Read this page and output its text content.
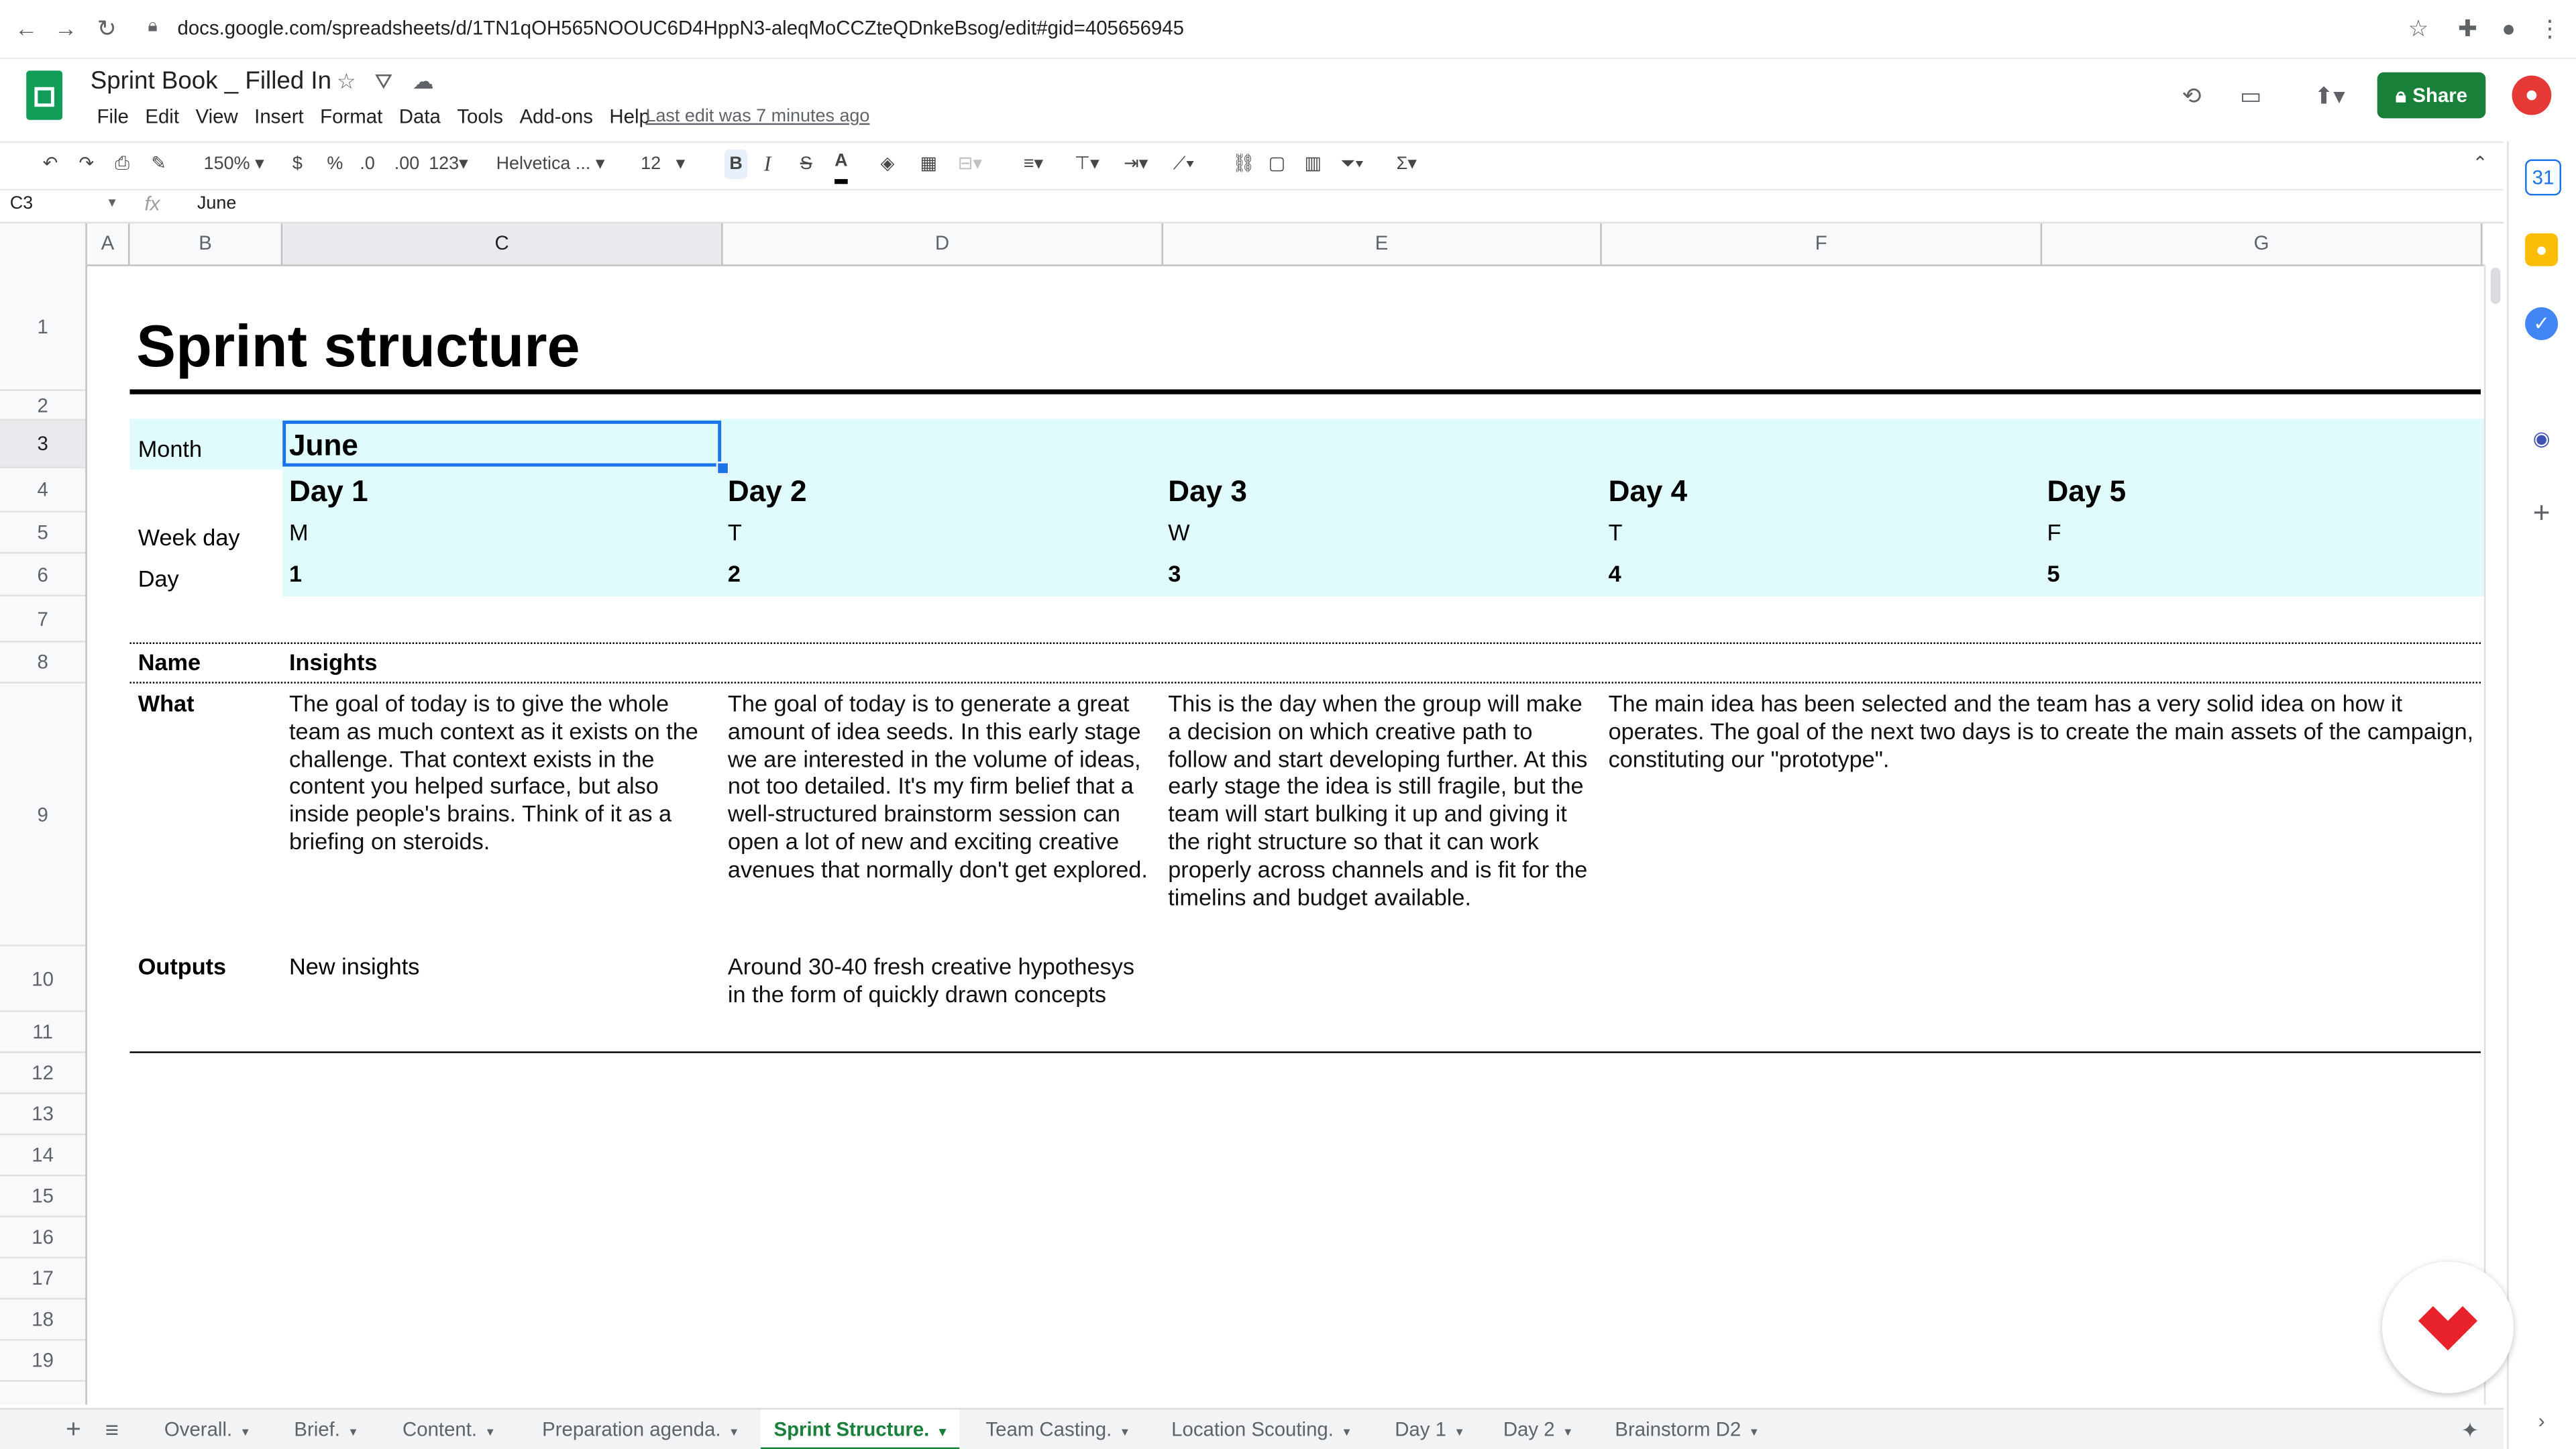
←	→	↻	🔒︎ docs.google.com/spreadsheets/d/1TN1qOH565NOOUC6D4HppN3-aleqMoCCZteQDnkeBsog/edit#gid=405656945	☆	✚	●	⋮
Sprint Book _ Filled In ☆ ⛛ ☁
File	Edit	View	Insert	Format	Data	Tools	Add-ons	Help
Last edit was 7 minutes ago
⟲	▭	⬆▾	🔒︎ Share
↶	↷	⎙	✎	150% ▾	$	% .0	.00 123▾	Helvetica ... ▾	12   ▾	B	I	S	A	◈	▦	⊟▾	≡▾	⊤▾	⇥▾	⟋▾	⛓ ▢	▥	⏷▾	Σ▾	⌃
C3	▾	fx	June
A	B	C	D	E	F	G
1
2
3
4
5
6
7
8
9
10
11
12
13
14
15
16
17
18
19
Sprint structure
Month	June
Day 1	Day 2	Day 3	Day 4	Day 5
Week day	M	T	W	T	F
Day	1	2	3	4	5
Name	Insights
What	The goal of today is to give the whole team as much context as it exists on the challenge. That context exists in the content you helped surface, but also inside people's brains. Think of it as a briefing on steroids.
The goal of today is to generate a great amount of idea seeds. In this early stage we are interested in the volume of ideas, not too detailed. It's my firm belief that a well-structured brainstorm session can open a lot of new and exciting creative avenues that normally don't get explored.
This is the day when the group will make a decision on which creative path to follow and start developing further. At this early stage the idea is still fragile, but the team will start bulking it up and giving it the right structure so that it can work properly across channels and is fit for the timelins and budget available.
The main idea has been selected and the team has a very solid idea on how it operates. The goal of the next two days is to create the main assets of the campaign, constituting our "prototype".
Outputs	New insights	Around 30-40 fresh creative hypothesys in the form of quickly drawn concepts
31
●
✓
◉
+
›
+	≡	Overall. ▾	Brief. ▾	Content. ▾	Preparation agenda. ▾	Sprint Structure. ▾	Team Casting. ▾	Location Scouting. ▾	Day 1 ▾	Day 2 ▾	Brainstorm D2 ▾	✦
